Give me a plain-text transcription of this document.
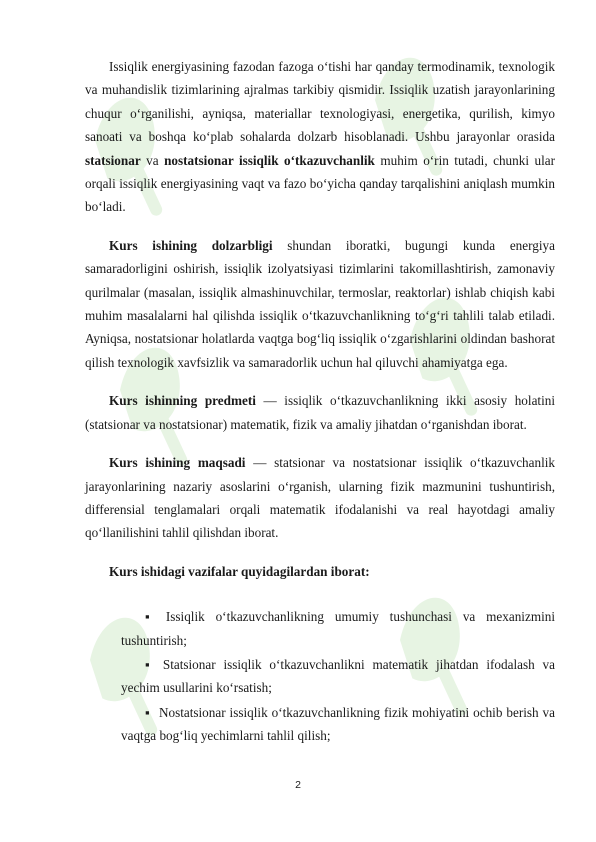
Issiqlik energiyasining fazodan fazoga o‘tishi har qanday termodinamik, texnologik va muhandislik tizimlarining ajralmas tarkibiy qismidir. Issiqlik uzatish jarayonlarining chuqur o‘rganilishi, ayniqsa, materiallar texnologiyasi, energetika, qurilish, kimyo sanoati va boshqa ko‘plab sohalarda dolzarb hisoblanadi. Ushbu jarayonlar orasida statsionar va nostatsionar issiqlik o‘tkazuvchanlik muhim o‘rin tutadi, chunki ular orqali issiqlik energiyasining vaqt va fazo bo‘yicha qanday tarqalishini aniqlash mumkin bo‘ladi.

Kurs ishining dolzarbligi shundan iboratki, bugungi kunda energiya samaradorligini oshirish, issiqlik izolyatsiyasi tizimlarini takomillashtirish, zamonaviy qurilmalar (masalan, issiqlik almashinuvchilar, termoslar, reaktorlar) ishlab chiqish kabi muhim masalalarni hal qilishda issiqlik o‘tkazuvchanlikning to‘g‘ri tahlili talab etiladi. Ayniqsa, nostatsionar holatlarda vaqtga bog‘liq issiqlik o‘zgarishlarini oldindan bashorat qilish texnologik xavfsizlik va samaradorlik uchun hal qiluvchi ahamiyatga ega.

Kurs ishinning predmeti — issiqlik o‘tkazuvchanlikning ikki asosiy holatini (statsionar va nostatsionar) matematik, fizik va amaliy jihatdan o‘rganishdan iborat.

Kurs ishining maqsadi — statsionar va nostatsionar issiqlik o‘tkazuvchanlik jarayonlarining nazariy asoslarini o‘rganish, ularning fizik mazmunini tushuntirish, differensial tenglamalari orqali matematik ifodalanishi va real hayotdagi amaliy qo‘llanilishini tahlil qilishdan iborat.

Kurs ishidagi vazifalar quyidagilardan iborat:

▪ Issiqlik o‘tkazuvchanlikning umumiy tushunchasi va mexanizmini tushuntirish;
▪ Statsionar issiqlik o‘tkazuvchanlikni matematik jihatdan ifodalash va yechim usullarini ko‘rsatish;
▪ Nostatsionar issiqlik o‘tkazuvchanlikning fizik mohiyatini ochib berish va vaqtga bog‘liq yechimlarni tahlil qilish;
2
